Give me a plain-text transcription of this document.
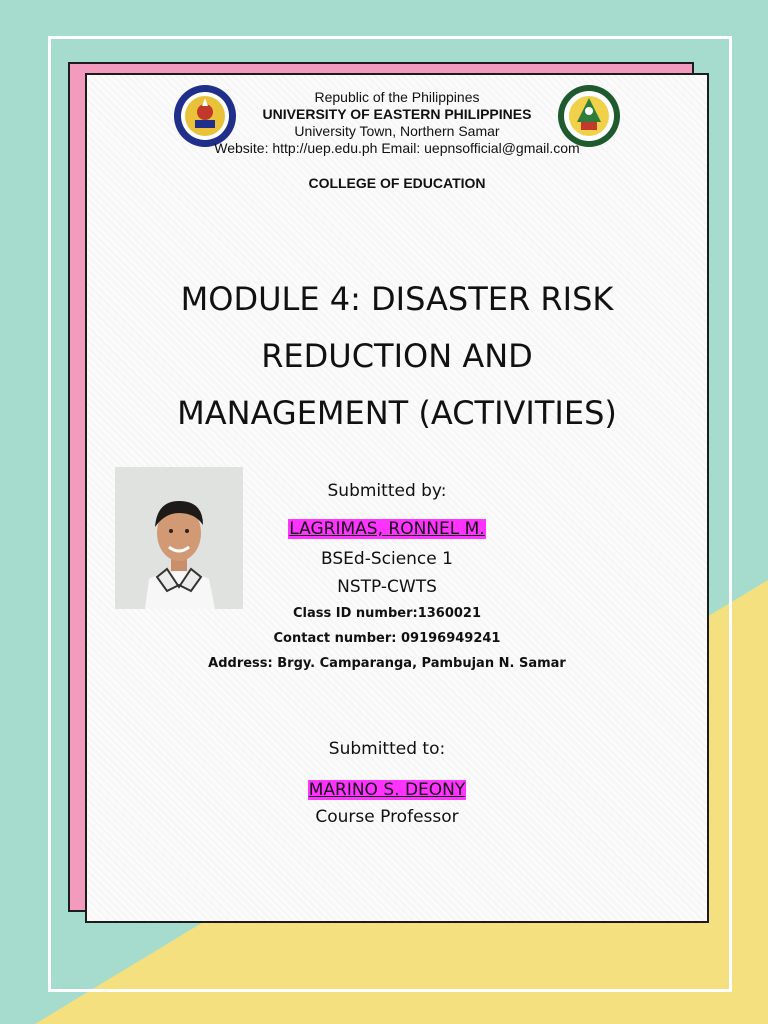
Republic of the Philippines

UNIVERSITY OF EASTERN PHILIPPINES

University Town, Northern Samar

Website: http://uep.edu.ph Email: uepnsofficial@gmail.com

COLLEGE OF EDUCATION

MODULE 4: DISASTER RISK
REDUCTION AND
MANAGEMENT (ACTIVITIES)

Submitted by:

LAGRIMAS, RONNEL M.

BSEd-Science 1

NSTP-CWTS

Class ID number:1360021

Contact number: 09196949241

Address: Brgy. Camparanga, Pambujan N. Samar

Submitted to:

MARINO S. DEONY

Course Professor
